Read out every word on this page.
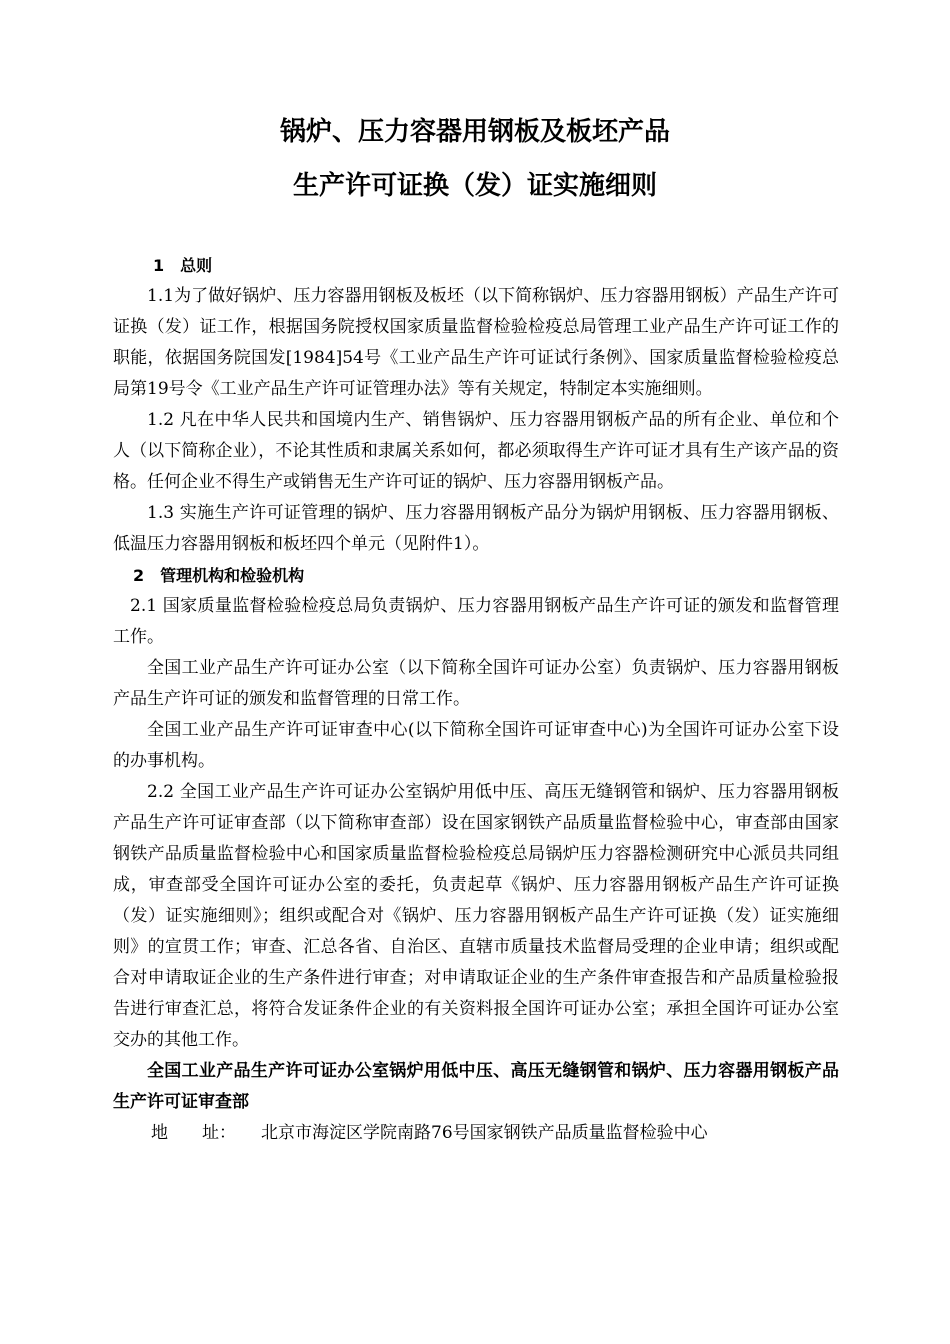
锅炉、压力容器用钢板及板坯产品
生产许可证换（发）证实施细则
1　总则

1.1为了做好锅炉、压力容器用钢板及板坯（以下简称锅炉、压力容器用钢板）产品生产许可证换（发）证工作，根据国务院授权国家质量监督检验检疫总局管理工业产品生产许可证工作的职能，依据国务院国发[1984]54号《工业产品生产许可证试行条例》、国家质量监督检验检疫总局第19号令《工业产品生产许可证管理办法》等有关规定，特制定本实施细则。

1.2 凡在中华人民共和国境内生产、销售锅炉、压力容器用钢板产品的所有企业、单位和个人（以下简称企业），不论其性质和隶属关系如何，都必须取得生产许可证才具有生产该产品的资格。任何企业不得生产或销售无生产许可证的锅炉、压力容器用钢板产品。

1.3 实施生产许可证管理的锅炉、压力容器用钢板产品分为锅炉用钢板、压力容器用钢板、低温压力容器用钢板和板坯四个单元（见附件1）。

2　管理机构和检验机构

2.1 国家质量监督检验检疫总局负责锅炉、压力容器用钢板产品生产许可证的颁发和监督管理工作。

全国工业产品生产许可证办公室（以下简称全国许可证办公室）负责锅炉、压力容器用钢板产品生产许可证的颁发和监督管理的日常工作。

全国工业产品生产许可证审查中心(以下简称全国许可证审查中心)为全国许可证办公室下设的办事机构。

2.2 全国工业产品生产许可证办公室锅炉用低中压、高压无缝钢管和锅炉、压力容器用钢板产品生产许可证审查部（以下简称审查部）设在国家钢铁产品质量监督检验中心，审查部由国家钢铁产品质量监督检验中心和国家质量监督检验检疫总局锅炉压力容器检测研究中心派员共同组成，审查部受全国许可证办公室的委托，负责起草《锅炉、压力容器用钢板产品生产许可证换（发）证实施细则》；组织或配合对《锅炉、压力容器用钢板产品生产许可证换（发）证实施细则》的宣贯工作；审查、汇总各省、自治区、直辖市质量技术监督局受理的企业申请；组织或配合对申请取证企业的生产条件进行审查；对申请取证企业的生产条件审查报告和产品质量检验报告进行审查汇总，将符合发证条件企业的有关资料报全国许可证办公室；承担全国许可证办公室交办的其他工作。

全国工业产品生产许可证办公室锅炉用低中压、高压无缝钢管和锅炉、压力容器用钢板产品生产许可证审查部

地　　址： 北京市海淀区学院南路76号国家钢铁产品质量监督检验中心
